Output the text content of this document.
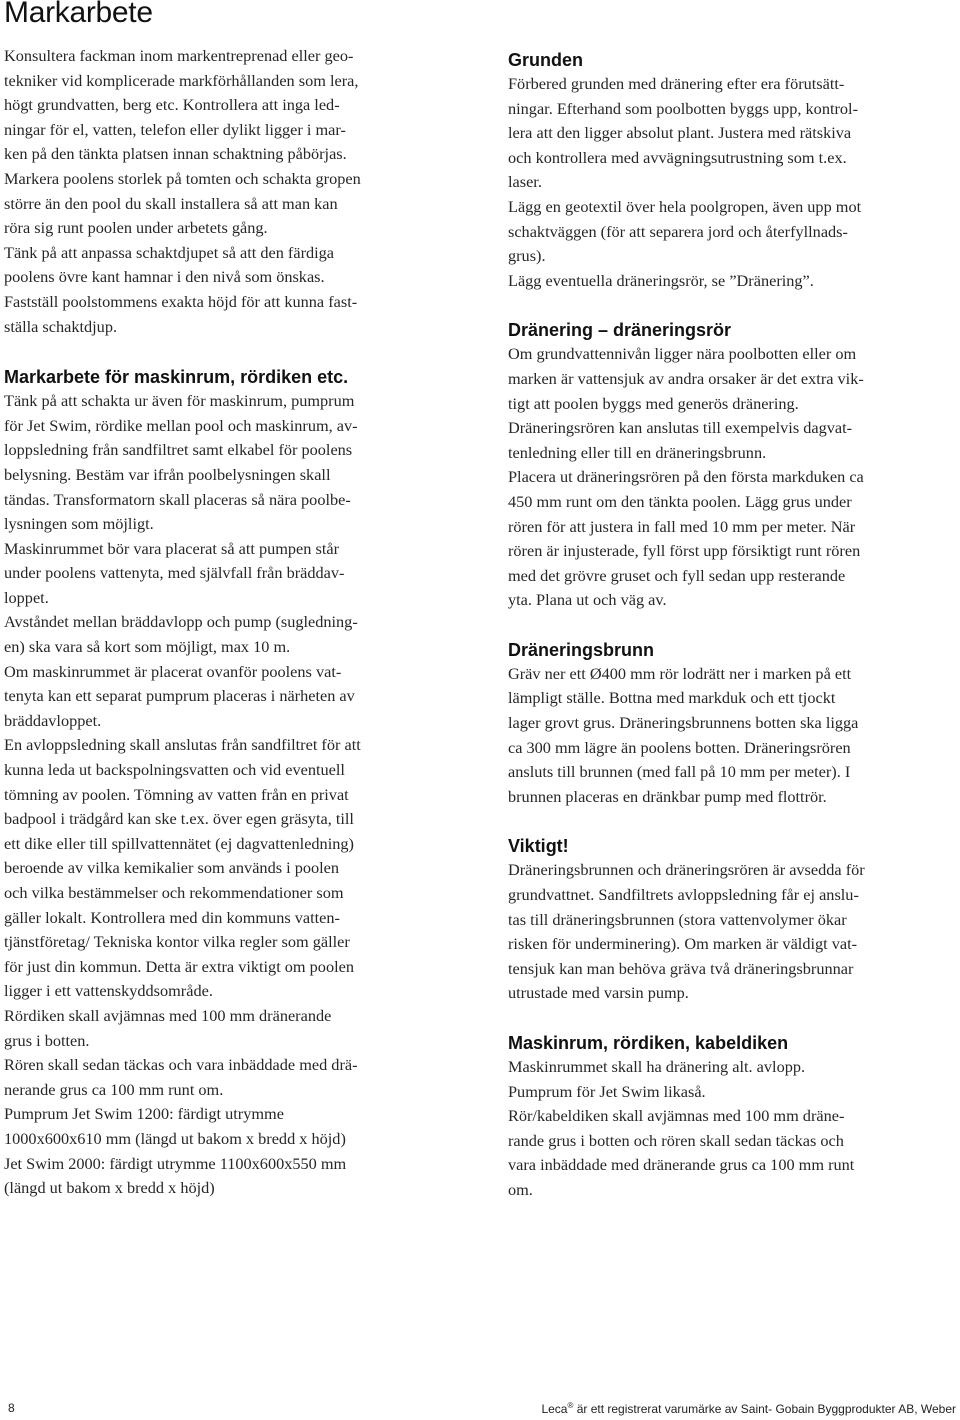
Markarbete

Konsultera fackman inom markentreprenad eller geo-
tekniker vid komplicerade markförhållanden som lera,
högt grundvatten, berg etc. Kontrollera att inga led-
ningar för el, vatten, telefon eller dylikt ligger i mar-
ken på den tänkta platsen innan schaktning påbörjas.

Markera poolens storlek på tomten och schakta gropen
större än den pool du skall installera så att man kan
röra sig runt poolen under arbetets gång.

Tänk på att anpassa schaktdjupet så att den färdiga
poolens övre kant hamnar i den nivå som önskas.

Fastställ poolstommens exakta höjd för att kunna fast-
ställa schaktdjup.

Markarbete för maskinrum, rördiken etc.

Tänk på att schakta ur även för maskinrum, pumprum
för Jet Swim, rördike mellan pool och maskinrum, av-
loppsledning från sandfiltret samt elkabel för poolens
belysning. Bestäm var ifrån poolbelysningen skall
tändas. Transformatorn skall placeras så nära poolbe-
lysningen som möjligt.

Maskinrummet bör vara placerat så att pumpen står
under poolens vattenyta, med självfall från bräddav-
loppet.

Avståndet mellan bräddavlopp och pump (sugledning-
en) ska vara så kort som möjligt, max 10 m.

Om maskinrummet är placerat ovanför poolens vat-
tenyta kan ett separat pumprum placeras i närheten av
bräddavloppet.

En avloppsledning skall anslutas från sandfiltret för att
kunna leda ut backspolningsvatten och vid eventuell
tömning av poolen. Tömning av vatten från en privat
badpool i trädgård kan ske t.ex. över egen gräsyta, till
ett dike eller till spillvattennätet (ej dagvattenledning)
beroende av vilka kemikalier som används i poolen
och vilka bestämmelser och rekommendationer som
gäller lokalt. Kontrollera med din kommuns vatten-
tjänstföretag/ Tekniska kontor vilka regler som gäller
för just din kommun. Detta är extra viktigt om poolen
ligger i ett vattenskyddsområde.

Rördiken skall avjämnas med 100 mm dränerande
grus i botten.

Rören skall sedan täckas och vara inbäddade med drä-
nerande grus ca 100 mm runt om.

Pumprum Jet Swim 1200: färdigt utrymme
1000x600x610 mm (längd ut bakom x bredd x höjd)

Jet Swim 2000: färdigt utrymme 1100x600x550 mm
(längd ut bakom x bredd x höjd)

Grunden

Förbered grunden med dränering efter era förutsätt-
ningar. Efterhand som poolbotten byggs upp, kontrol-
lera att den ligger absolut plant. Justera med rätskiva
och kontrollera med avvägningsutrustning som t.ex.
laser.

Lägg en geotextil över hela poolgropen, även upp mot
schaktväggen (för att separera jord och återfyllnads-
grus).

Lägg eventuella dräneringsrör, se ”Dränering”.

Dränering – dräneringsrör

Om grundvattennivån ligger nära poolbotten eller om
marken är vattensjuk av andra orsaker är det extra vik-
tigt att poolen byggs med generös dränering.

Dräneringsrören kan anslutas till exempelvis dagvat-
tenledning eller till en dräneringsbrunn.

Placera ut dräneringsrören på den första markduken ca
450 mm runt om den tänkta poolen. Lägg grus under
rören för att justera in fall med 10 mm per meter. När
rören är injusterade, fyll först upp försiktigt runt rören
med det grövre gruset och fyll sedan upp resterande
yta. Plana ut och väg av.

Dräneringsbrunn

Gräv ner ett Ø400 mm rör lodrätt ner i marken på ett
lämpligt ställe. Bottna med markduk och ett tjockt
lager grovt grus. Dräneringsbrunnens botten ska ligga
ca 300 mm lägre än poolens botten. Dräneringsrören
ansluts till brunnen (med fall på 10 mm per meter). I
brunnen placeras en dränkbar pump med flottrör.

Viktigt!

Dräneringsbrunnen och dräneringsrören är avsedda för
grundvattnet. Sandfiltrets avloppsledning får ej anslu-
tas till dräneringsbrunnen (stora vattenvolymer ökar
risken för underminering). Om marken är väldigt vat-
tensjuk kan man behöva gräva två dräneringsbrunnar
utrustade med varsin pump.

Maskinrum, rördiken, kabeldiken

Maskinrummet skall ha dränering alt. avlopp.

Pumprum för Jet Swim likaså.

Rör/kabeldiken skall avjämnas med 100 mm dräne-
rande grus i botten och rören skall sedan täckas och
vara inbäddade med dränerande grus ca 100 mm runt
om.

8	Leca® är ett registrerat varumärke av Saint- Gobain Byggprodukter AB, Weber
